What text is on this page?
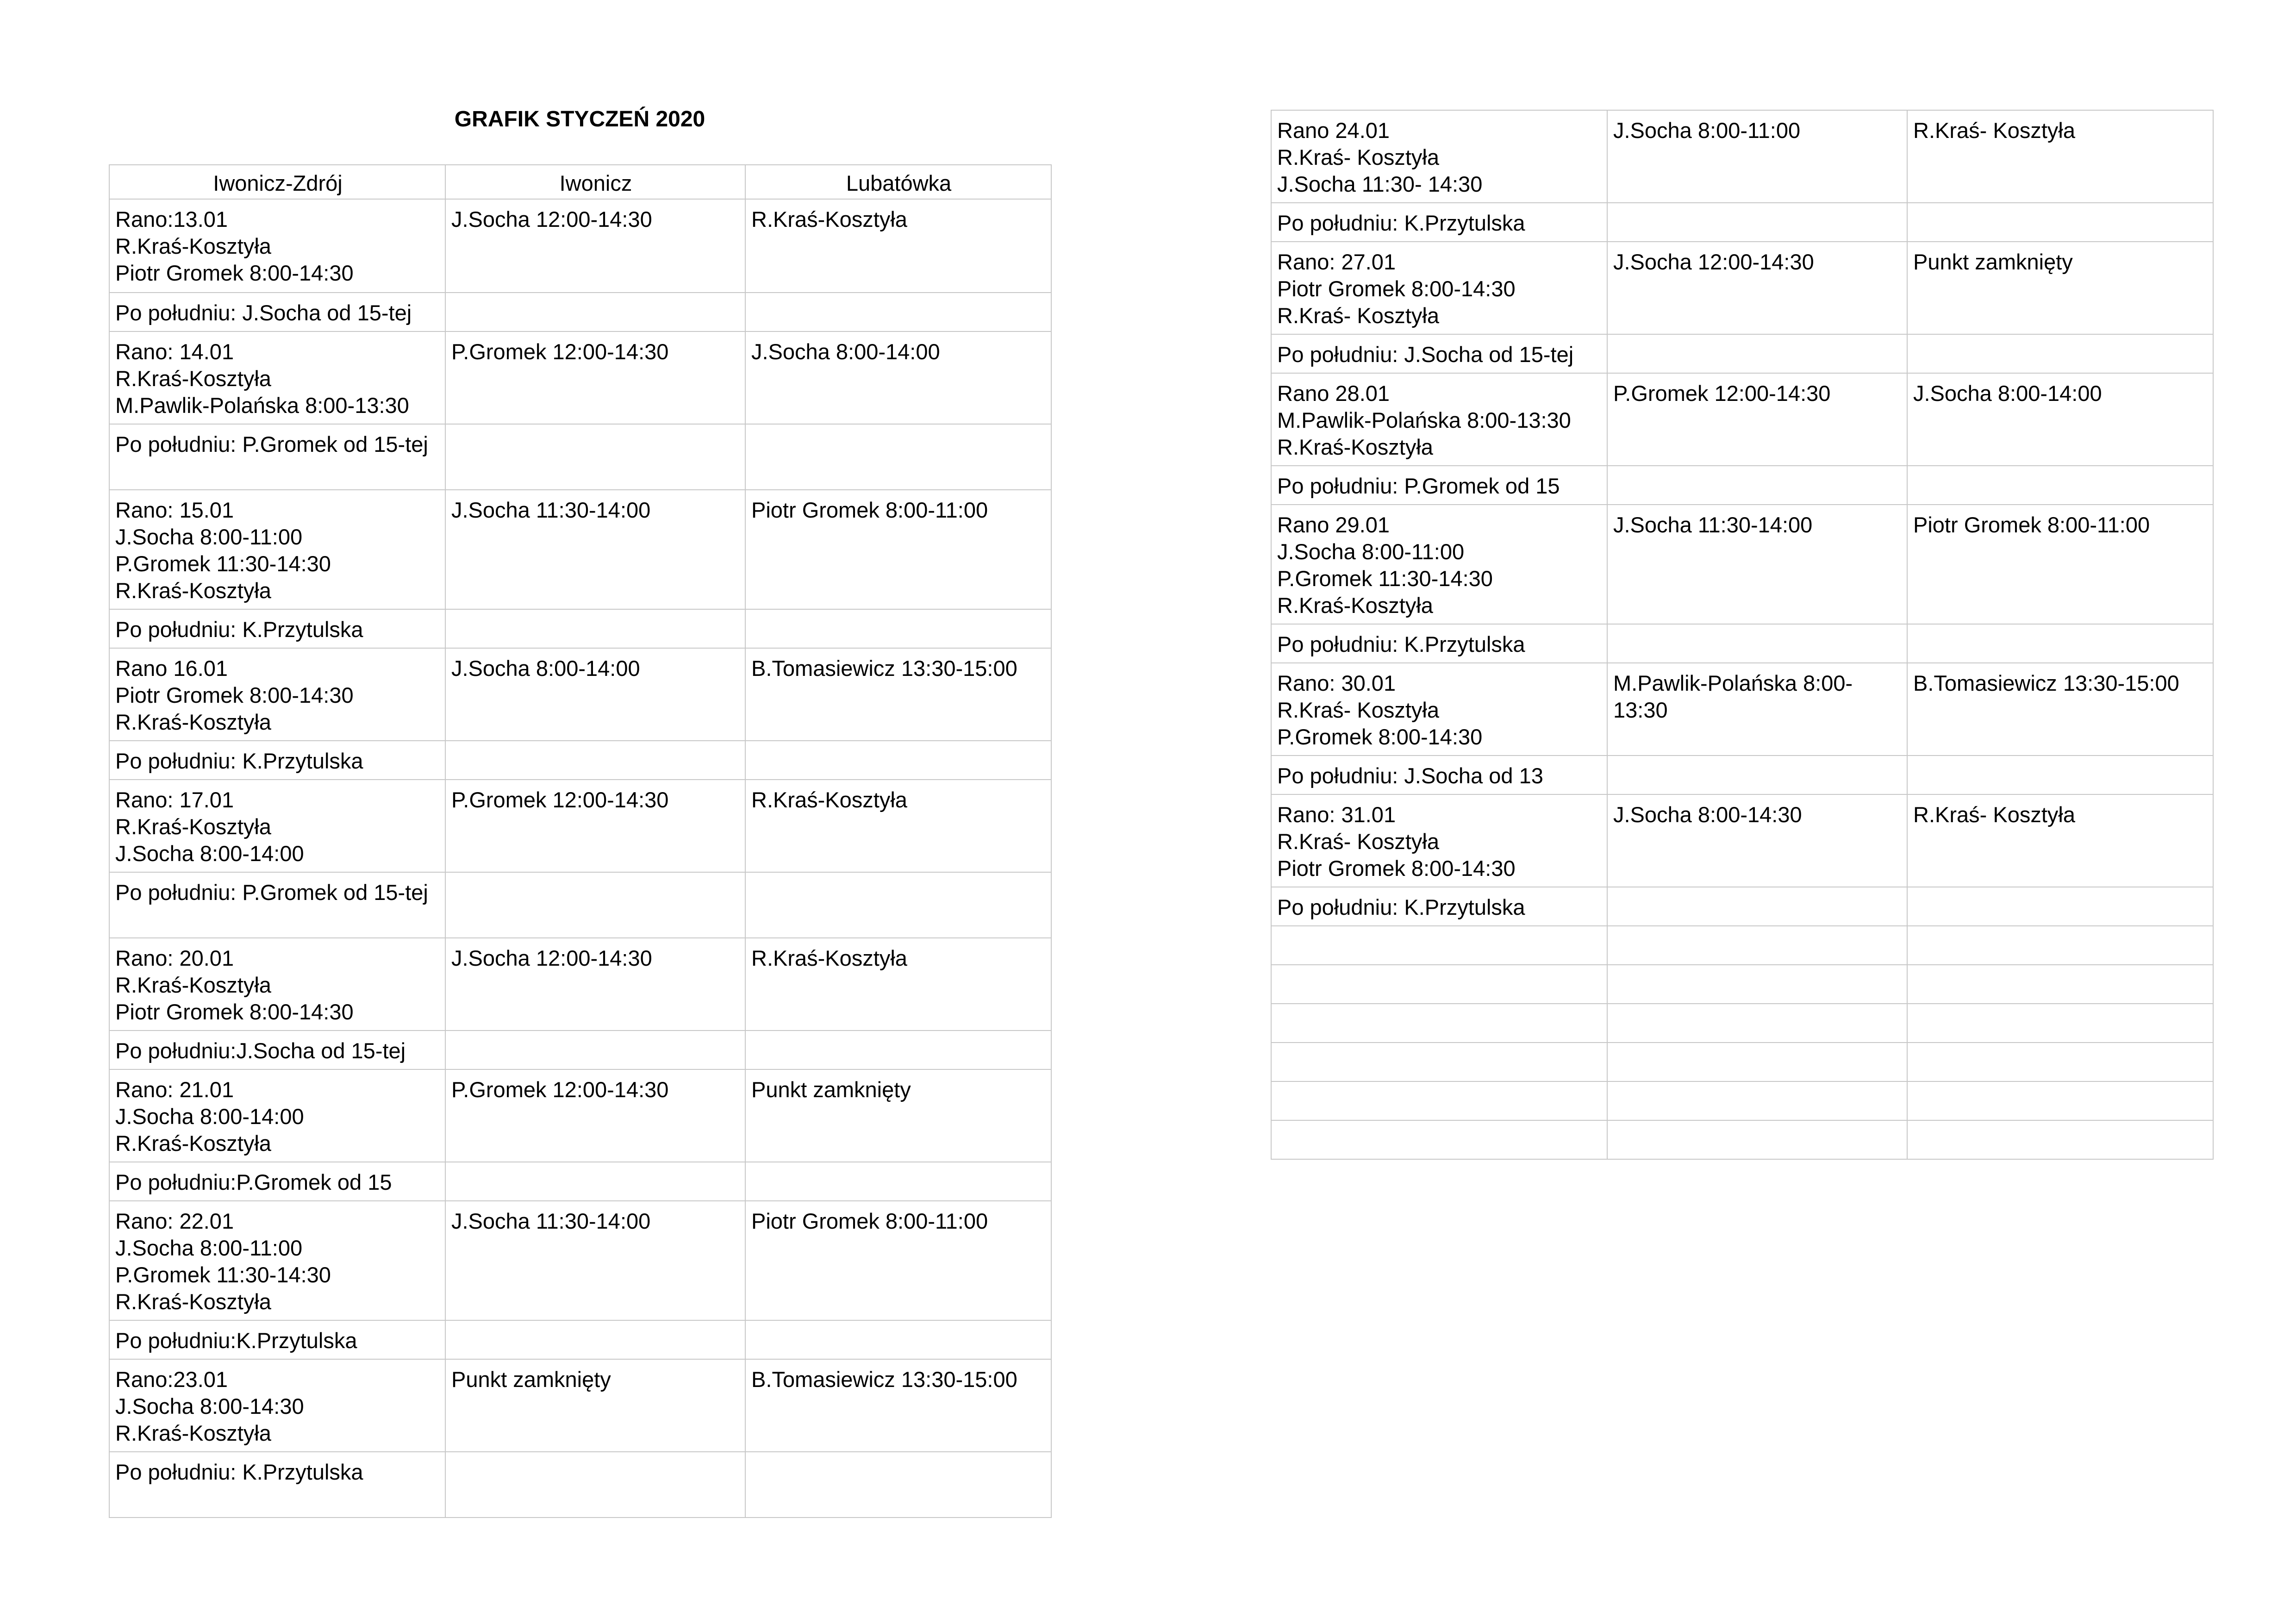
GRAFIK STYCZEŃ 2020
Iwonicz-Zdrój	Iwonicz	Lubatówka
Rano:13.01
R.Kraś-Kosztyła
Piotr Gromek 8:00-14:30	J.Socha 12:00-14:30	R.Kraś-Kosztyła
Po południu: J.Socha od 15-tej		
Rano: 14.01
R.Kraś-Kosztyła
M.Pawlik-Polańska 8:00-13:30	P.Gromek 12:00-14:30	J.Socha 8:00-14:00
Po południu: P.Gromek od 15-tej		
Rano: 15.01
J.Socha 8:00-11:00
P.Gromek 11:30-14:30
R.Kraś-Kosztyła	J.Socha 11:30-14:00	Piotr Gromek 8:00-11:00
Po południu: K.Przytulska		
Rano 16.01
Piotr Gromek 8:00-14:30
R.Kraś-Kosztyła	J.Socha 8:00-14:00	B.Tomasiewicz 13:30-15:00
Po południu: K.Przytulska		
Rano: 17.01
R.Kraś-Kosztyła
J.Socha 8:00-14:00	P.Gromek 12:00-14:30	R.Kraś-Kosztyła
Po południu: P.Gromek od 15-tej		
Rano: 20.01
R.Kraś-Kosztyła
Piotr Gromek 8:00-14:30	J.Socha 12:00-14:30	R.Kraś-Kosztyła
Po południu:J.Socha od 15-tej		
Rano: 21.01
J.Socha 8:00-14:00
R.Kraś-Kosztyła	P.Gromek 12:00-14:30	Punkt zamknięty
Po południu:P.Gromek od 15		
Rano: 22.01
J.Socha 8:00-11:00
P.Gromek 11:30-14:30
R.Kraś-Kosztyła	J.Socha 11:30-14:00	Piotr Gromek 8:00-11:00
Po południu:K.Przytulska		
Rano:23.01
J.Socha 8:00-14:30
R.Kraś-Kosztyła	Punkt zamknięty	B.Tomasiewicz 13:30-15:00
Po południu: K.Przytulska		
Rano 24.01
R.Kraś- Kosztyła
J.Socha 11:30- 14:30	J.Socha 8:00-11:00	R.Kraś- Kosztyła
Po południu: K.Przytulska		
Rano: 27.01
Piotr Gromek 8:00-14:30
R.Kraś- Kosztyła	J.Socha 12:00-14:30	Punkt zamknięty
Po południu: J.Socha od 15-tej		
Rano 28.01
M.Pawlik-Polańska 8:00-13:30
R.Kraś-Kosztyła	P.Gromek 12:00-14:30	J.Socha 8:00-14:00
Po południu: P.Gromek od 15		
Rano 29.01
J.Socha 8:00-11:00
P.Gromek 11:30-14:30
R.Kraś-Kosztyła	J.Socha 11:30-14:00	Piotr Gromek 8:00-11:00
Po południu: K.Przytulska		
Rano: 30.01
R.Kraś- Kosztyła
P.Gromek 8:00-14:30	M.Pawlik-Polańska 8:00-13:30	B.Tomasiewicz 13:30-15:00
Po południu: J.Socha od 13		
Rano: 31.01
R.Kraś- Kosztyła
Piotr Gromek 8:00-14:30	J.Socha 8:00-14:30	R.Kraś- Kosztyła
Po południu: K.Przytulska		
